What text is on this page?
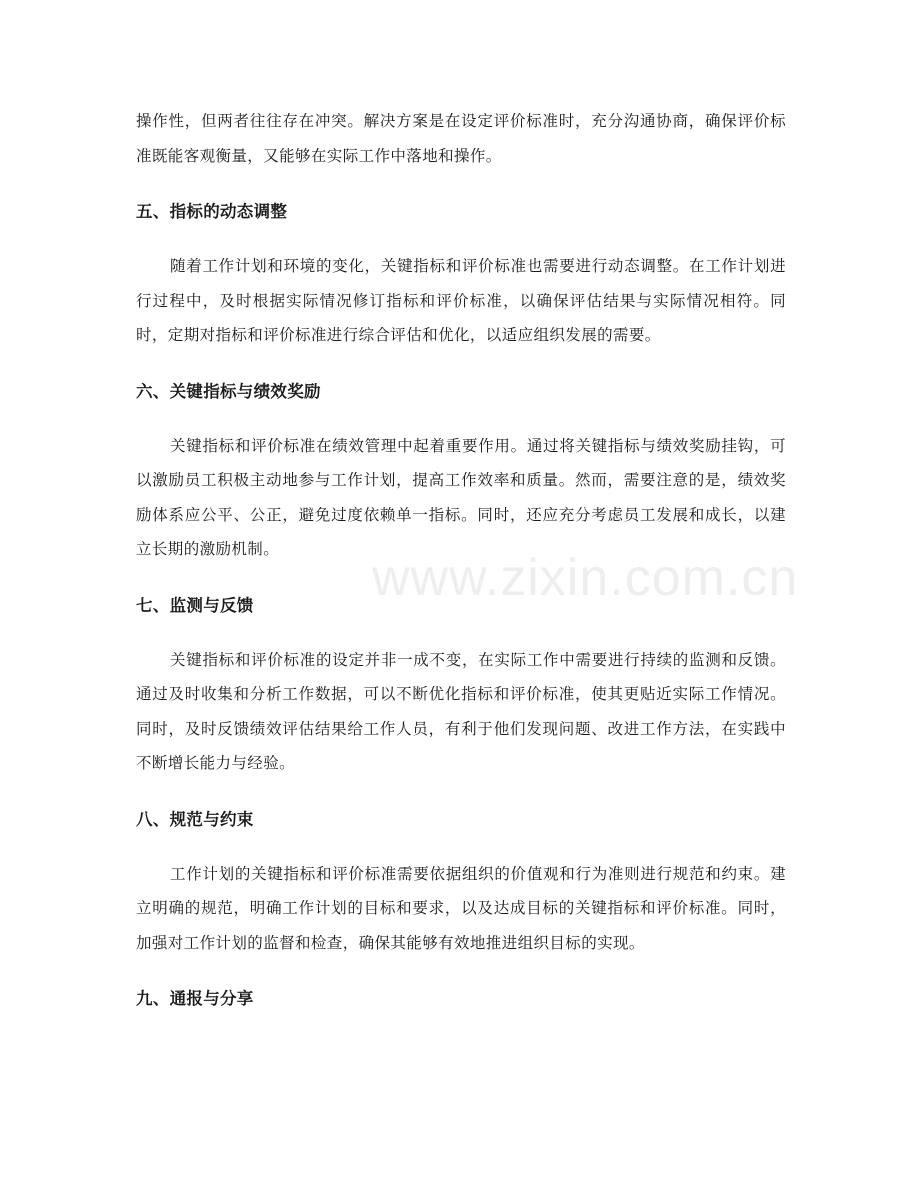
操作性，但两者往往存在冲突。解决方案是在设定评价标准时，充分沟通协商，确保评价标准既能客观衡量，又能够在实际工作中落地和操作。

五、指标的动态调整

随着工作计划和环境的变化，关键指标和评价标准也需要进行动态调整。在工作计划进行过程中，及时根据实际情况修订指标和评价标准，以确保评估结果与实际情况相符。同时，定期对指标和评价标准进行综合评估和优化，以适应组织发展的需要。

六、关键指标与绩效奖励

关键指标和评价标准在绩效管理中起着重要作用。通过将关键指标与绩效奖励挂钩，可以激励员工积极主动地参与工作计划，提高工作效率和质量。然而，需要注意的是，绩效奖励体系应公平、公正，避免过度依赖单一指标。同时，还应充分考虑员工发展和成长，以建立长期的激励机制。

七、监测与反馈

关键指标和评价标准的设定并非一成不变，在实际工作中需要进行持续的监测和反馈。通过及时收集和分析工作数据，可以不断优化指标和评价标准，使其更贴近实际工作情况。同时，及时反馈绩效评估结果给工作人员，有利于他们发现问题、改进工作方法，在实践中不断增长能力与经验。

八、规范与约束

工作计划的关键指标和评价标准需要依据组织的价值观和行为准则进行规范和约束。建立明确的规范，明确工作计划的目标和要求，以及达成目标的关键指标和评价标准。同时，加强对工作计划的监督和检查，确保其能够有效地推进组织目标的实现。

九、通报与分享
www.zixin.com.cn
